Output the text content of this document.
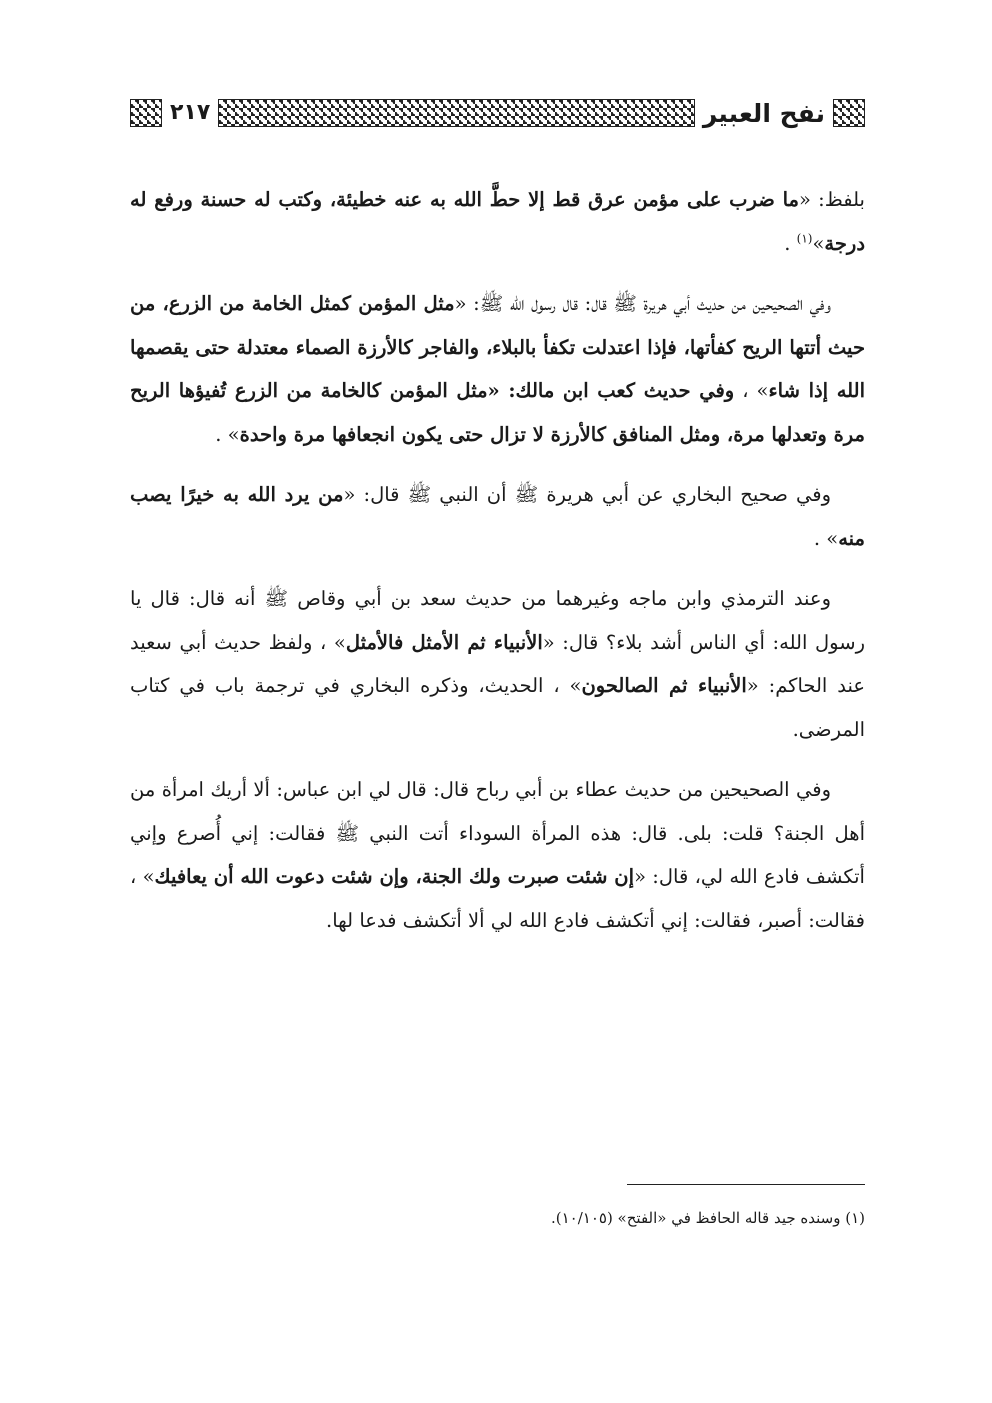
نفح العبير
٢١٧

بلفظ: «ما ضرب على مؤمن عرق قط إلا حطَّ الله به عنه خطيئة، وكتب له حسنة ورفع له درجة»$^{(١)}$ .

وفي الصحيحين من حديث أبي هريرة ﷺ قال: قال رسول الله ﷺ: «مثل المؤمن كمثل الخامة من الزرع، من حيث أتتها الريح كفأتها، فإذا اعتدلت تكفأ بالبلاء، والفاجر كالأرزة الصماء معتدلة حتى يقصمها الله إذا شاء» ، وفي حديث كعب ابن مالك: «مثل المؤمن كالخامة من الزرع تُفيؤها الريح مرة وتعدلها مرة، ومثل المنافق كالأرزة لا تزال حتى يكون انجعافها مرة واحدة» .

وفي صحيح البخاري عن أبي هريرة ﷺ أن النبي ﷺ قال: «من يرد الله به خيرًا يصب منه» .

وعند الترمذي وابن ماجه وغيرهما من حديث سعد بن أبي وقاص ﷺ أنه قال: قال يا رسول الله: أي الناس أشد بلاء؟ قال: «الأنبياء ثم الأمثل فالأمثل» ، ولفظ حديث أبي سعيد عند الحاكم: «الأنبياء ثم الصالحون» ، الحديث، وذكره البخاري في ترجمة باب في كتاب المرضى.

وفي الصحيحين من حديث عطاء بن أبي رباح قال: قال لي ابن عباس: ألا أريك امرأة من أهل الجنة؟ قلت: بلى. قال: هذه المرأة السوداء أتت النبي ﷺ فقالت: إني أُصرع وإني أتكشف فادع الله لي، قال: «إن شئت صبرت ولك الجنة، وإن شئت دعوت الله أن يعافيك» ، فقالت: أصبر، فقالت: إني أتكشف فادع الله لي ألا أتكشف فدعا لها.

(١) وسنده جيد قاله الحافظ في «الفتح» (١٠/١٠٥).
